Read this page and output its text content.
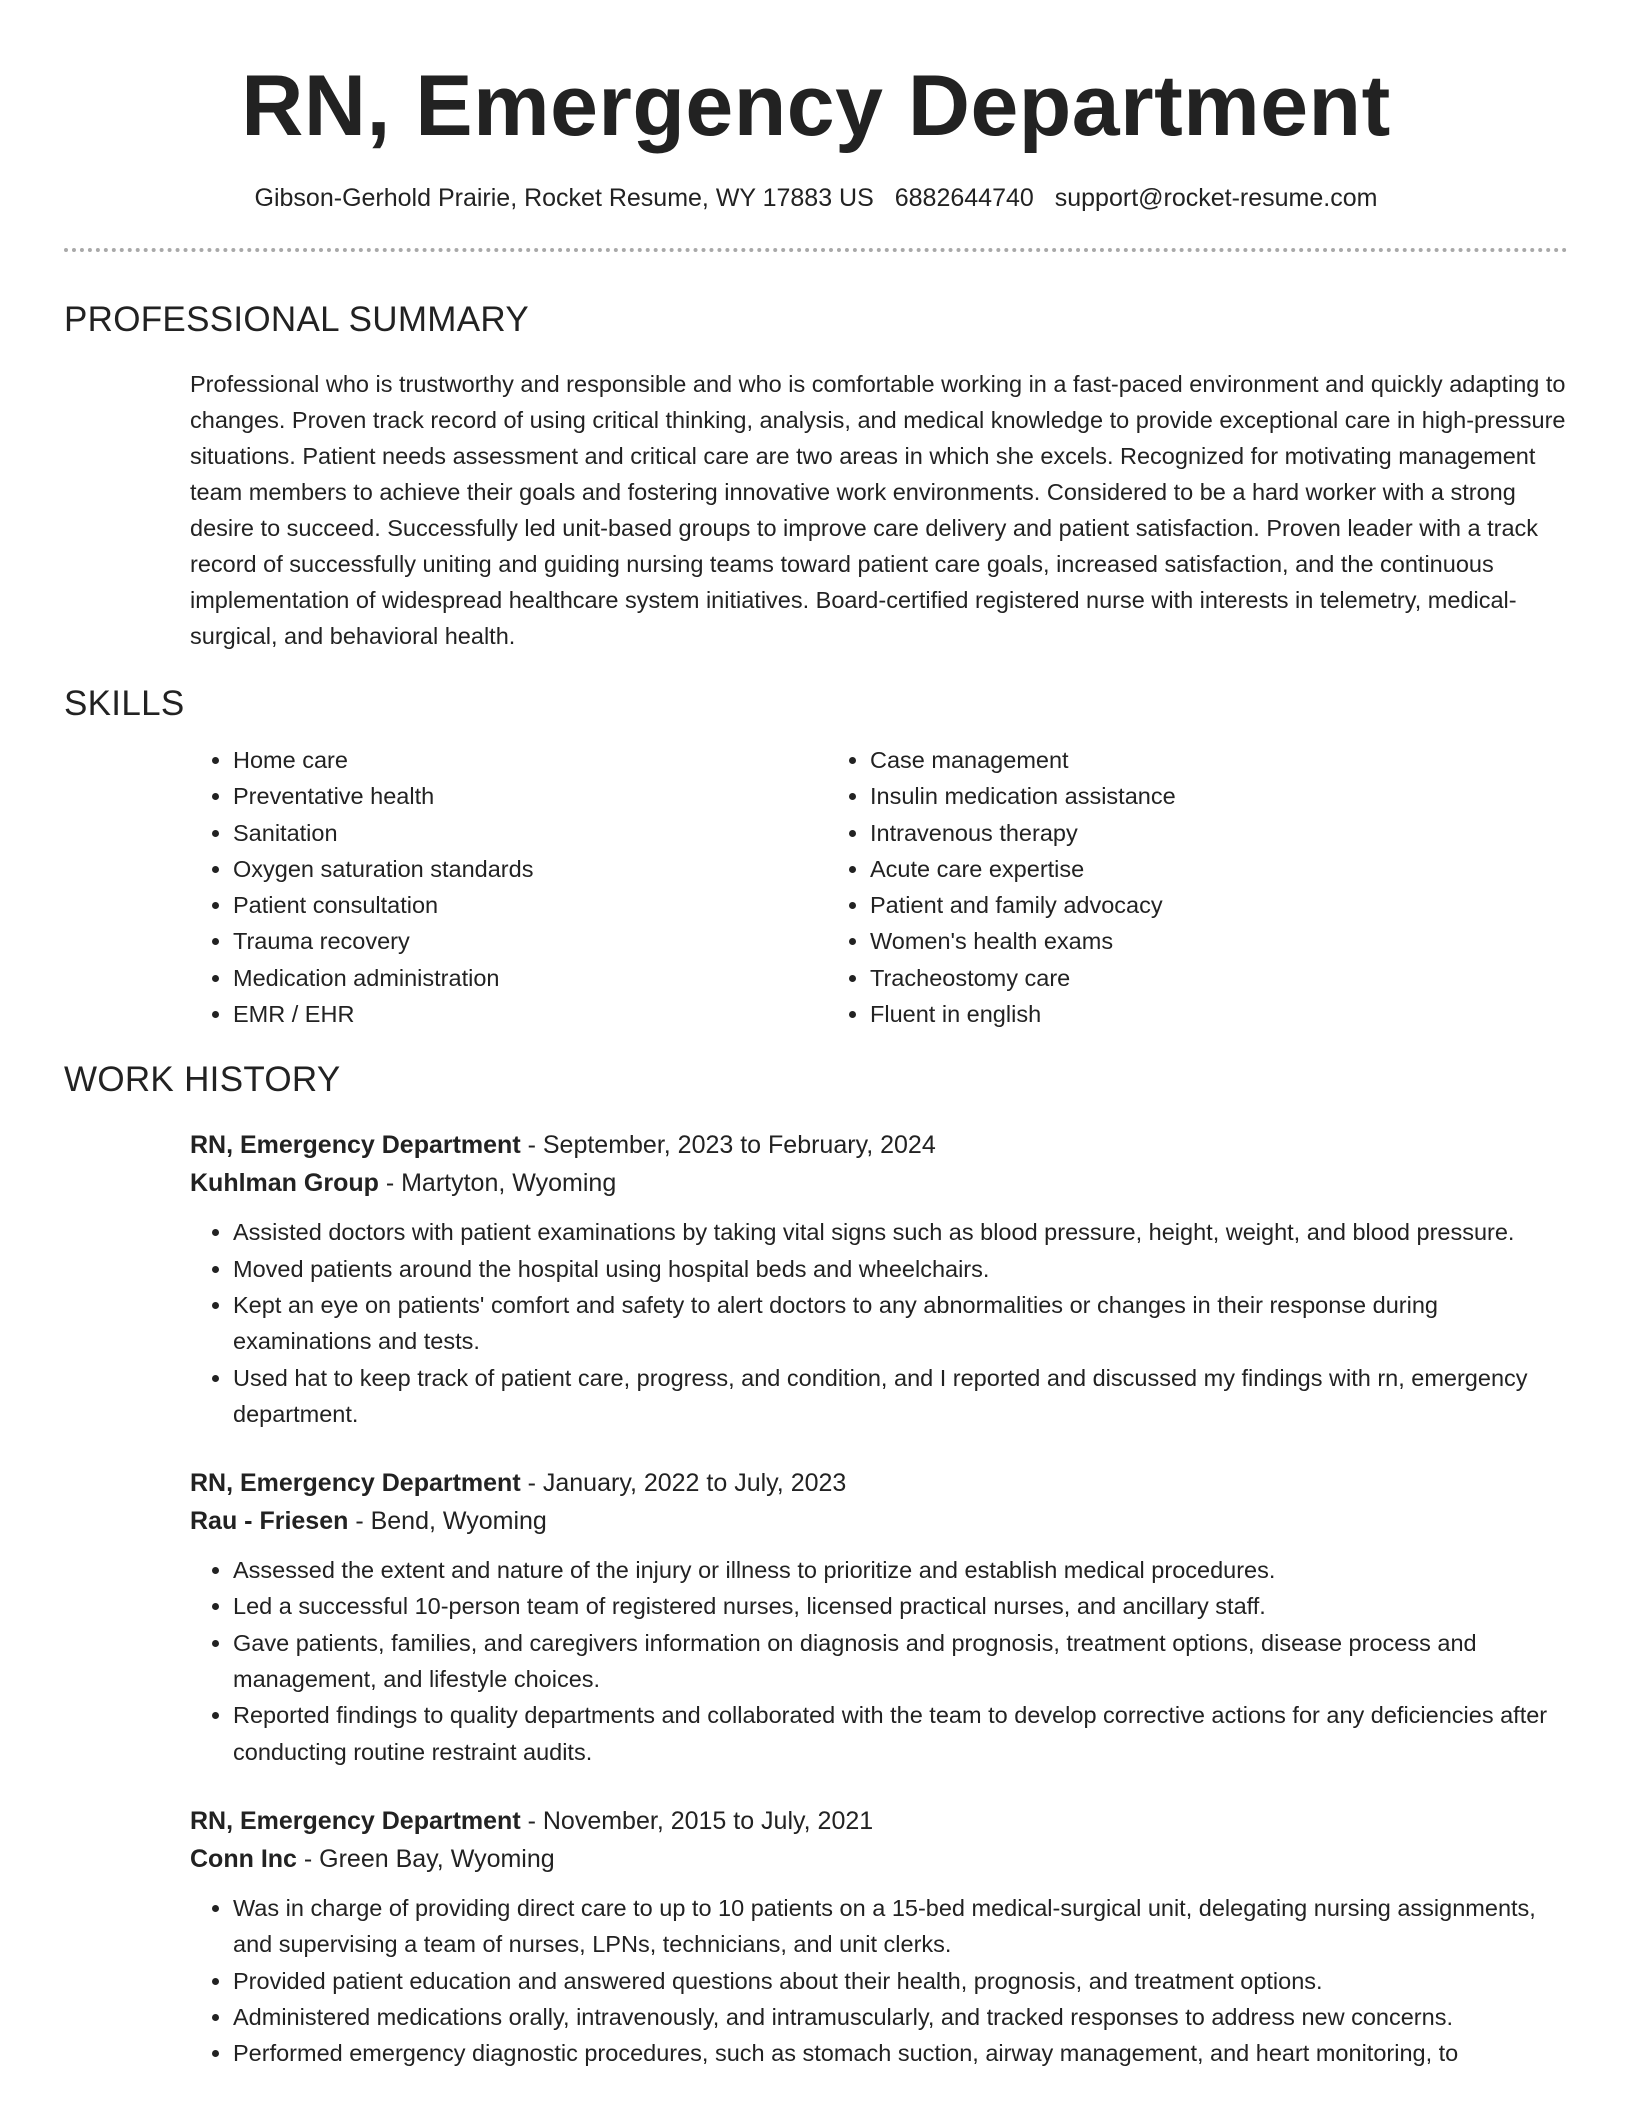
RN, Emergency Department
Gibson-Gerhold Prairie, Rocket Resume, WY 17883 US 6882644740 support@rocket-resume.com
PROFESSIONAL SUMMARY

Professional who is trustworthy and responsible and who is comfortable working in a fast-paced environment and quickly adapting to changes. Proven track record of using critical thinking, analysis, and medical knowledge to provide exceptional care in high-pressure situations. Patient needs assessment and critical care are two areas in which she excels. Recognized for motivating management team members to achieve their goals and fostering innovative work environments. Considered to be a hard worker with a strong desire to succeed. Successfully led unit-based groups to improve care delivery and patient satisfaction. Proven leader with a track record of successfully uniting and guiding nursing teams toward patient care goals, increased satisfaction, and the continuous implementation of widespread healthcare system initiatives. Board-certified registered nurse with interests in telemetry, medical-surgical, and behavioral health.

SKILLS
• Home care
• Preventative health
• Sanitation
• Oxygen saturation standards
• Patient consultation
• Trauma recovery
• Medication administration
• EMR / EHR
• Case management
• Insulin medication assistance
• Intravenous therapy
• Acute care expertise
• Patient and family advocacy
• Women's health exams
• Tracheostomy care
• Fluent in english
WORK HISTORY
RN, Emergency Department - September, 2023 to February, 2024
Kuhlman Group - Martyton, Wyoming
• Assisted doctors with patient examinations by taking vital signs such as blood pressure, height, weight, and blood pressure.
• Moved patients around the hospital using hospital beds and wheelchairs.
• Kept an eye on patients' comfort and safety to alert doctors to any abnormalities or changes in their response during examinations and tests.
• Used hat to keep track of patient care, progress, and condition, and I reported and discussed my findings with rn, emergency department.
RN, Emergency Department - January, 2022 to July, 2023
Rau - Friesen - Bend, Wyoming
• Assessed the extent and nature of the injury or illness to prioritize and establish medical procedures.
• Led a successful 10-person team of registered nurses, licensed practical nurses, and ancillary staff.
• Gave patients, families, and caregivers information on diagnosis and prognosis, treatment options, disease process and management, and lifestyle choices.
• Reported findings to quality departments and collaborated with the team to develop corrective actions for any deficiencies after conducting routine restraint audits.
RN, Emergency Department - November, 2015 to July, 2021
Conn Inc - Green Bay, Wyoming
• Was in charge of providing direct care to up to 10 patients on a 15-bed medical-surgical unit, delegating nursing assignments, and supervising a team of nurses, LPNs, technicians, and unit clerks.
• Provided patient education and answered questions about their health, prognosis, and treatment options.
• Administered medications orally, intravenously, and intramuscularly, and tracked responses to address new concerns.
• Performed emergency diagnostic procedures, such as stomach suction, airway management, and heart monitoring, to
